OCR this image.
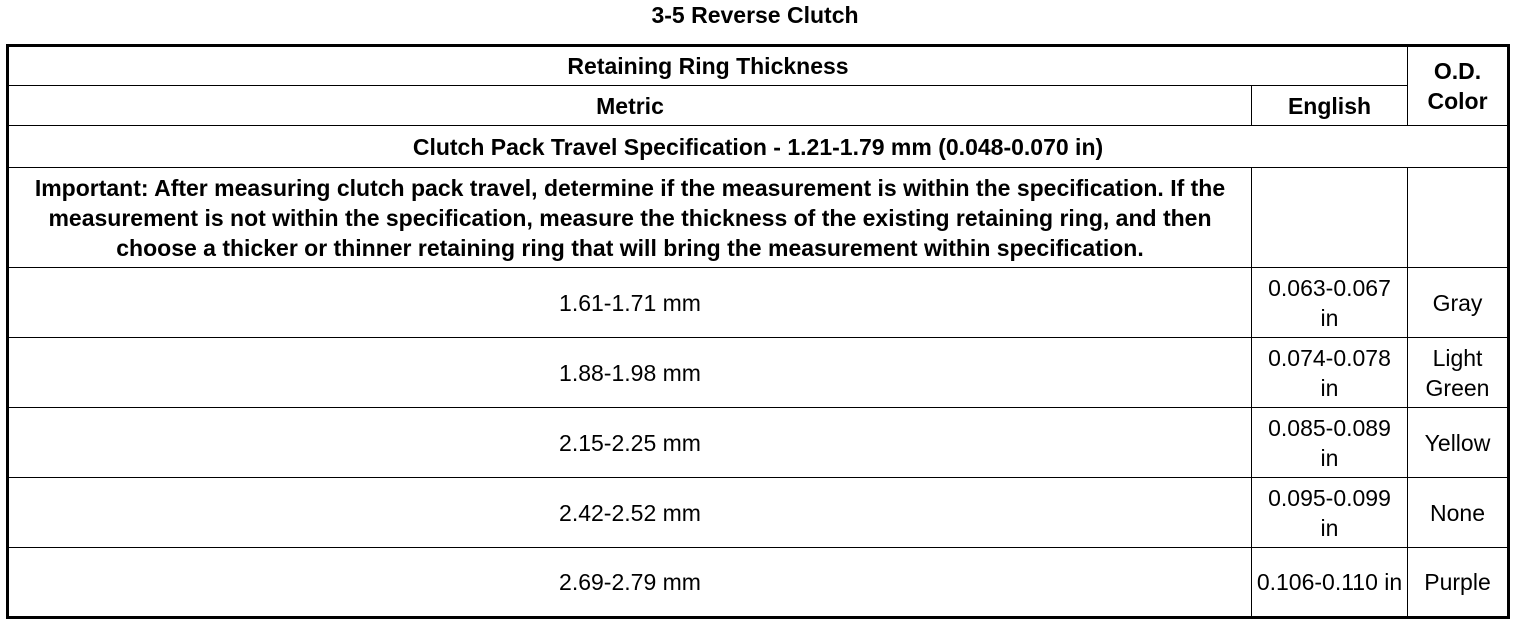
3-5 Reverse Clutch
Retaining Ring Thickness		O.D.
Color
Metric	English	
Clutch Pack Travel Specification - 1.21-1.79 mm (0.048-0.070 in)		
Important: After measuring clutch pack travel, determine if the measurement is within the specification. If the measurement is not within the specification, measure the thickness of the existing retaining ring, and then choose a thicker or thinner retaining ring that will bring the measurement within specification.		
1.61-1.71 mm	0.063-0.067 in	Gray
1.88-1.98 mm	0.074-0.078 in	Light Green
2.15-2.25 mm	0.085-0.089 in	Yellow
2.42-2.52 mm	0.095-0.099 in	None
2.69-2.79 mm	0.106-0.110 in	Purple
